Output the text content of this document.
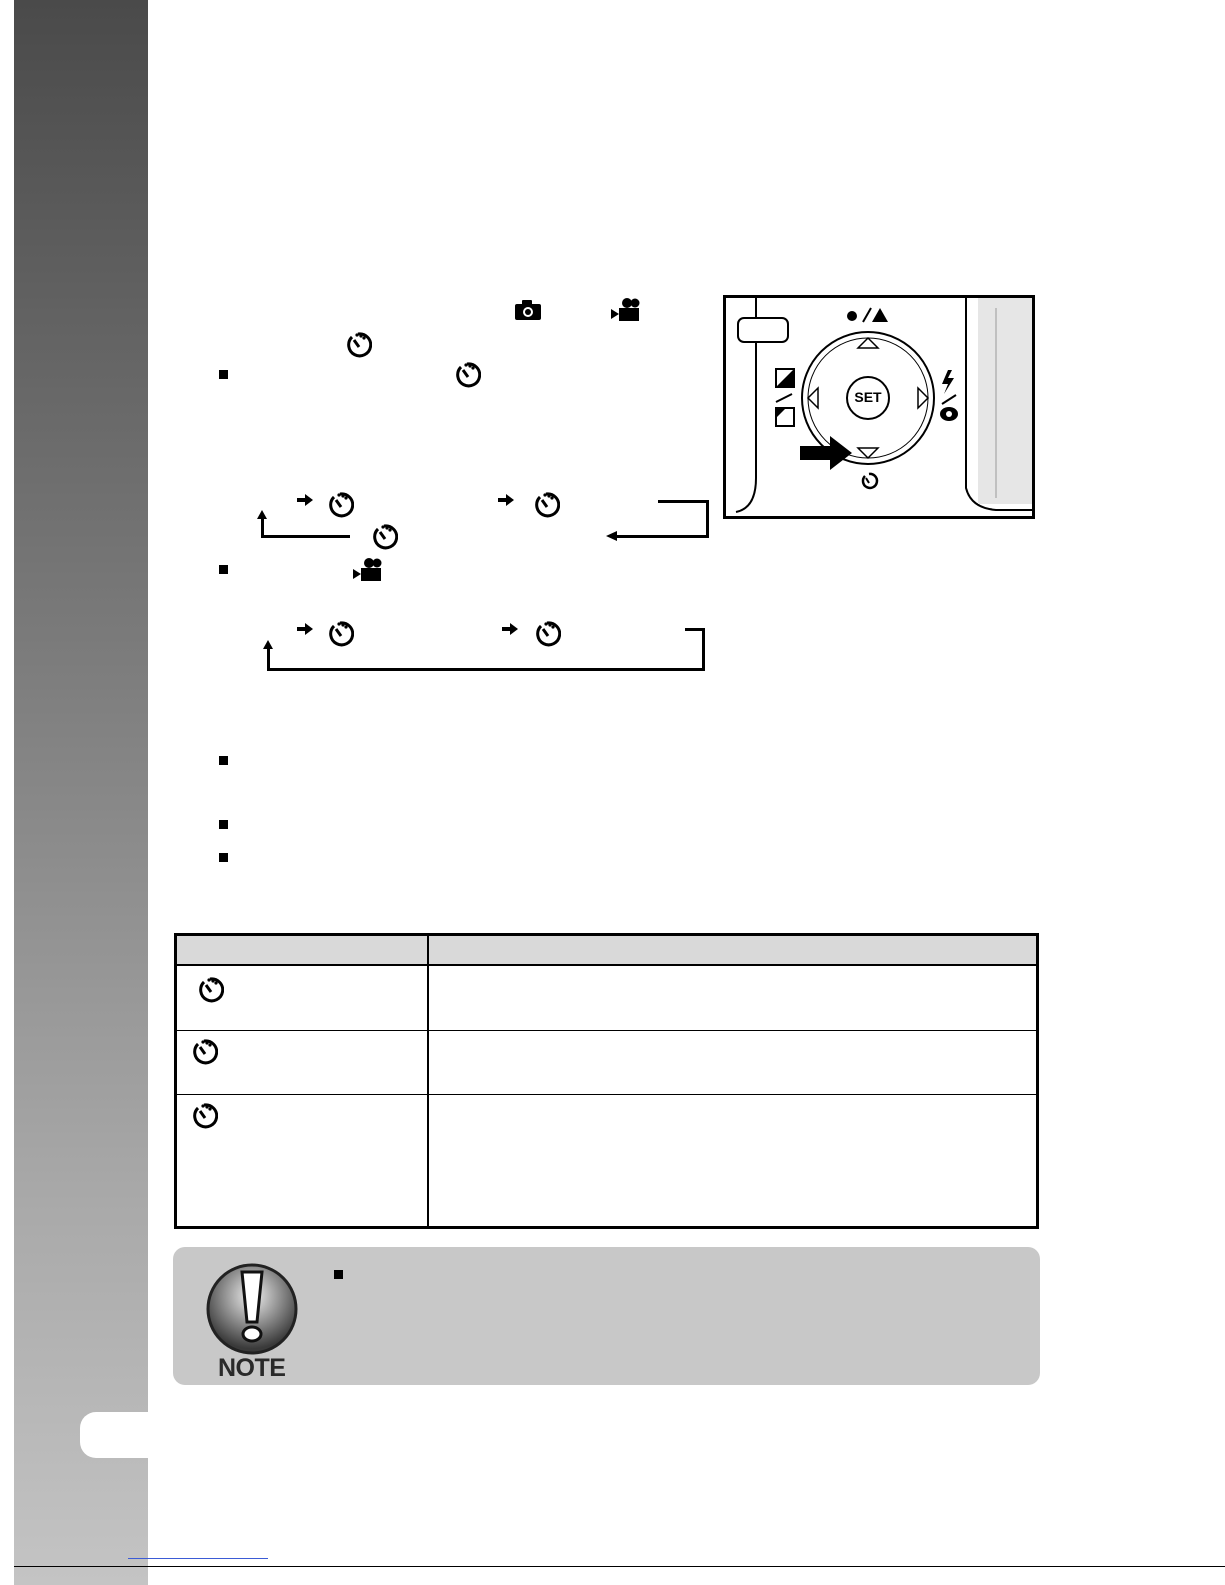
SET
NOTE
